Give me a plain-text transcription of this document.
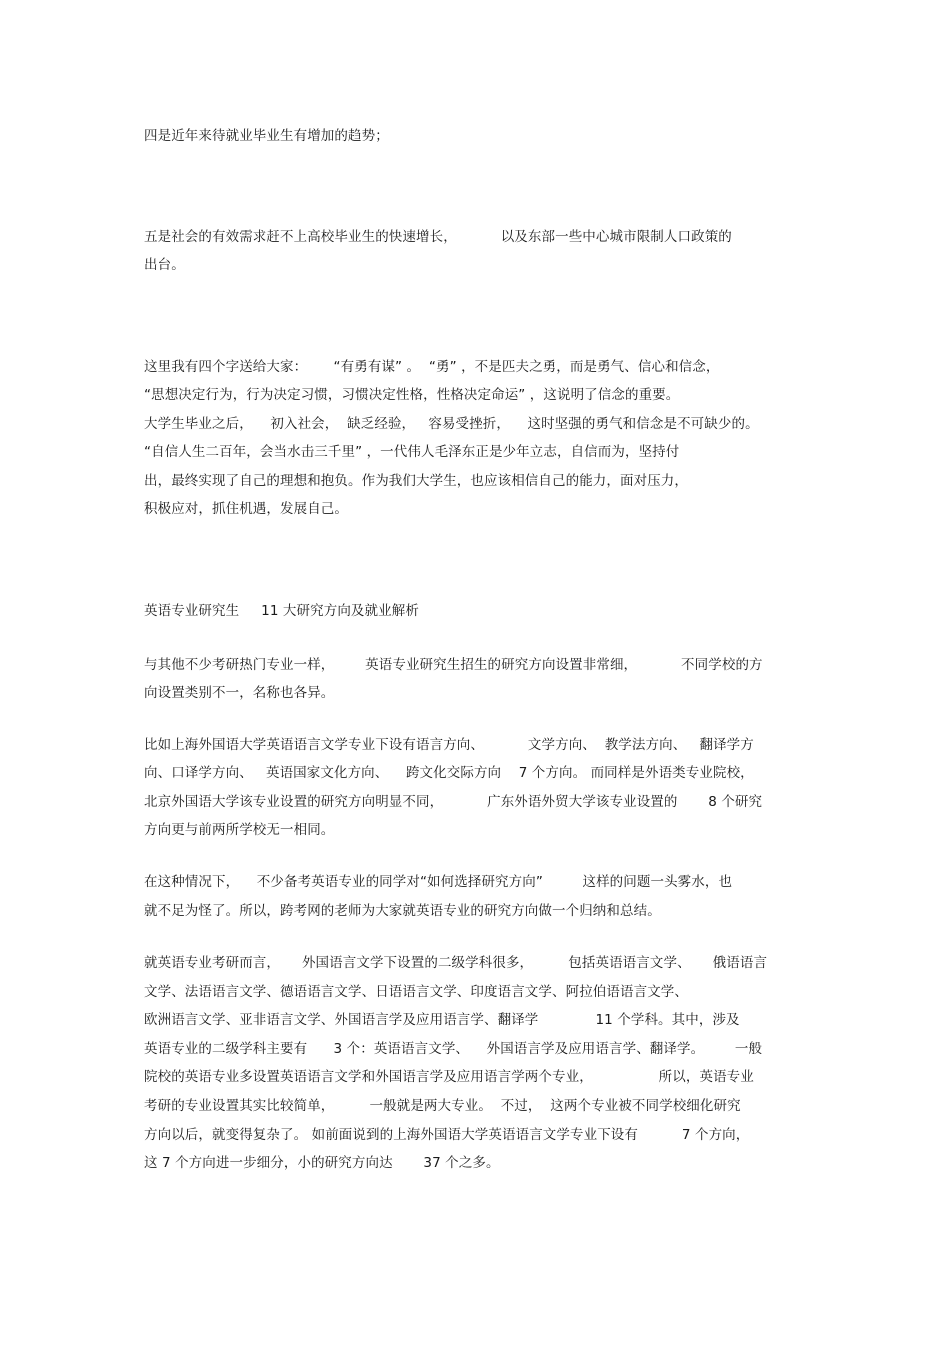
四是近年来待就业毕业生有增加的趋势；
五是社会的有效需求赶不上高校毕业生的快速增长，          以及东部一些中心城市限制人口政策的
出台。
这里我有四个字送给大家：      “有勇有谋” 。  “勇” ，不是匹夫之勇，而是勇气、信心和信念，
“思想决定行为，行为决定习惯，习惯决定性格，性格决定命运” ，这说明了信念的重要。
大学生毕业之后，    初入社会，  缺乏经验，   容易受挫折，    这时坚强的勇气和信念是不可缺少的。
“自信人生二百年，会当水击三千里” ，一代伟人毛泽东正是少年立志，自信而为，坚持付
出，最终实现了自己的理想和抱负。作为我们大学生，也应该相信自己的能力，面对压力，
积极应对，抓住机遇，发展自己。
英语专业研究生     11 大研究方向及就业解析
与其他不少考研热门专业一样，       英语专业研究生招生的研究方向设置非常细，          不同学校的方
向设置类别不一，名称也各异。
比如上海外国语大学英语语言文学专业下设有语言方向、          文学方向、  教学法方向、   翻译学方
向、口译学方向、   英语国家文化方向、    跨文化交际方向    7 个方向。 而同样是外语类专业院校，
北京外国语大学该专业设置的研究方向明显不同，          广东外语外贸大学该专业设置的       8 个研究
方向更与前两所学校无一相同。
在这种情况下，    不少备考英语专业的同学对“如何选择研究方向”         这样的问题一头雾水，也
就不足为怪了。所以，跨考网的老师为大家就英语专业的研究方向做一个归纳和总结。
就英语专业考研而言，     外国语言文学下设置的二级学科很多，        包括英语语言文学、     俄语语言
文学、法语语言文学、德语语言文学、日语语言文学、印度语言文学、阿拉伯语语言文学、
欧洲语言文学、亚非语言文学、外国语言学及应用语言学、翻译学             11 个学科。其中，涉及
英语专业的二级学科主要有      3 个：英语语言文学、    外国语言学及应用语言学、翻译学。       一般
院校的英语专业多设置英语语言文学和外国语言学及应用语言学两个专业，               所以，英语专业
考研的专业设置其实比较简单，        一般就是两大专业。  不过，  这两个专业被不同学校细化研究
方向以后，就变得复杂了。 如前面说到的上海外国语大学英语语言文学专业下设有          7 个方向，
这 7 个方向进一步细分，小的研究方向达       37 个之多。
